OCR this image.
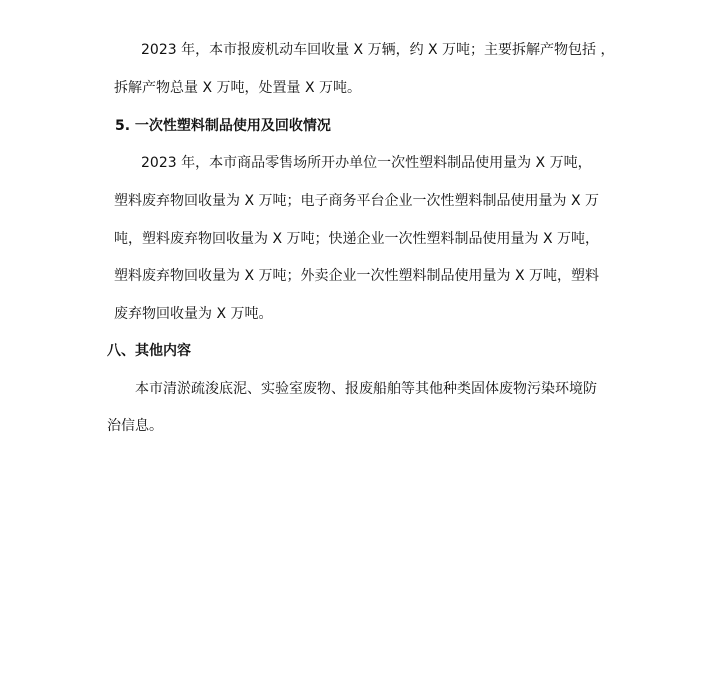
2023 年，本市报废机动车回收量 X 万辆，约 X 万吨；主要拆解产物包括 ，
拆解产物总量 X 万吨，处置量 X 万吨。
5. 一次性塑料制品使用及回收情况
2023 年，本市商品零售场所开办单位一次性塑料制品使用量为 X 万吨，
塑料废弃物回收量为 X 万吨；电子商务平台企业一次性塑料制品使用量为 X 万
吨，塑料废弃物回收量为 X 万吨；快递企业一次性塑料制品使用量为 X 万吨，
塑料废弃物回收量为 X 万吨；外卖企业一次性塑料制品使用量为 X 万吨，塑料
废弃物回收量为 X 万吨。
八、其他内容
本市清淤疏浚底泥、实验室废物、报废船舶等其他种类固体废物污染环境防
治信息。
